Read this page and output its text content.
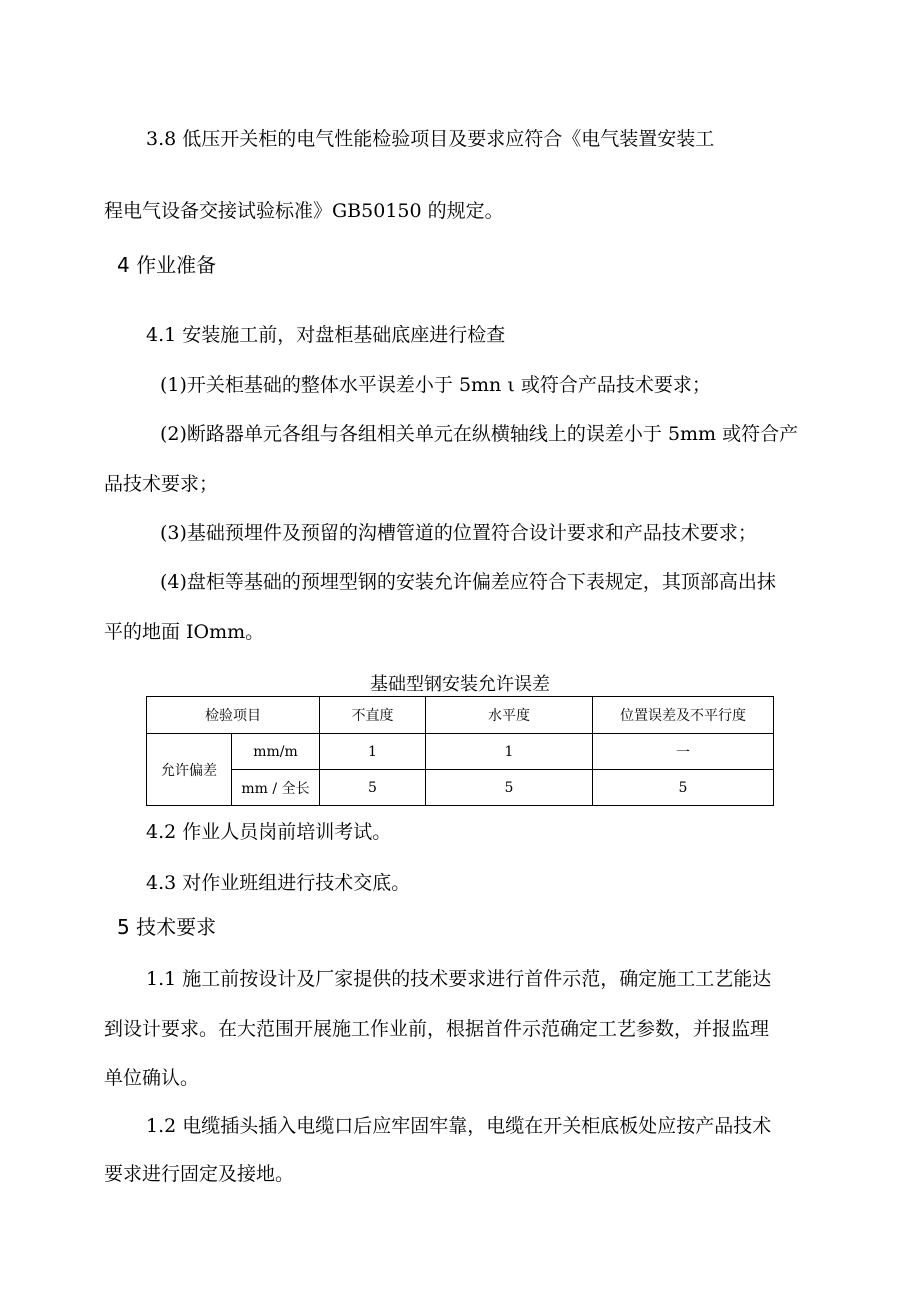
3.8 低压开关柜的电气性能检验项目及要求应符合《电气装置安装工
程电气设备交接试验标准》GB50150 的规定。
4 作业准备
4.1 安装施工前，对盘柜基础底座进行检查
(1)开关柜基础的整体水平误差小于 5mn ι 或符合产品技术要求；
(2)断路器单元各组与各组相关单元在纵横轴线上的误差小于 5mm 或符合产
品技术要求；
(3)基础预埋件及预留的沟槽管道的位置符合设计要求和产品技术要求；
(4)盘柜等基础的预埋型钢的安装允许偏差应符合下表规定，其顶部高出抹
平的地面 IOmm。
基础型钢安装允许误差
检验项目		不直度	水平度	位置误差及不平行度
允许偏差	mm/m	1	1	一
	mm / 全长	5	5	5
4.2 作业人员岗前培训考试。
4.3 对作业班组进行技术交底。
5 技术要求
1.1 施工前按设计及厂家提供的技术要求进行首件示范，确定施工工艺能达
到设计要求。在大范围开展施工作业前，根据首件示范确定工艺参数，并报监理
单位确认。
1.2 电缆插头插入电缆口后应牢固牢靠，电缆在开关柜底板处应按产品技术
要求进行固定及接地。
